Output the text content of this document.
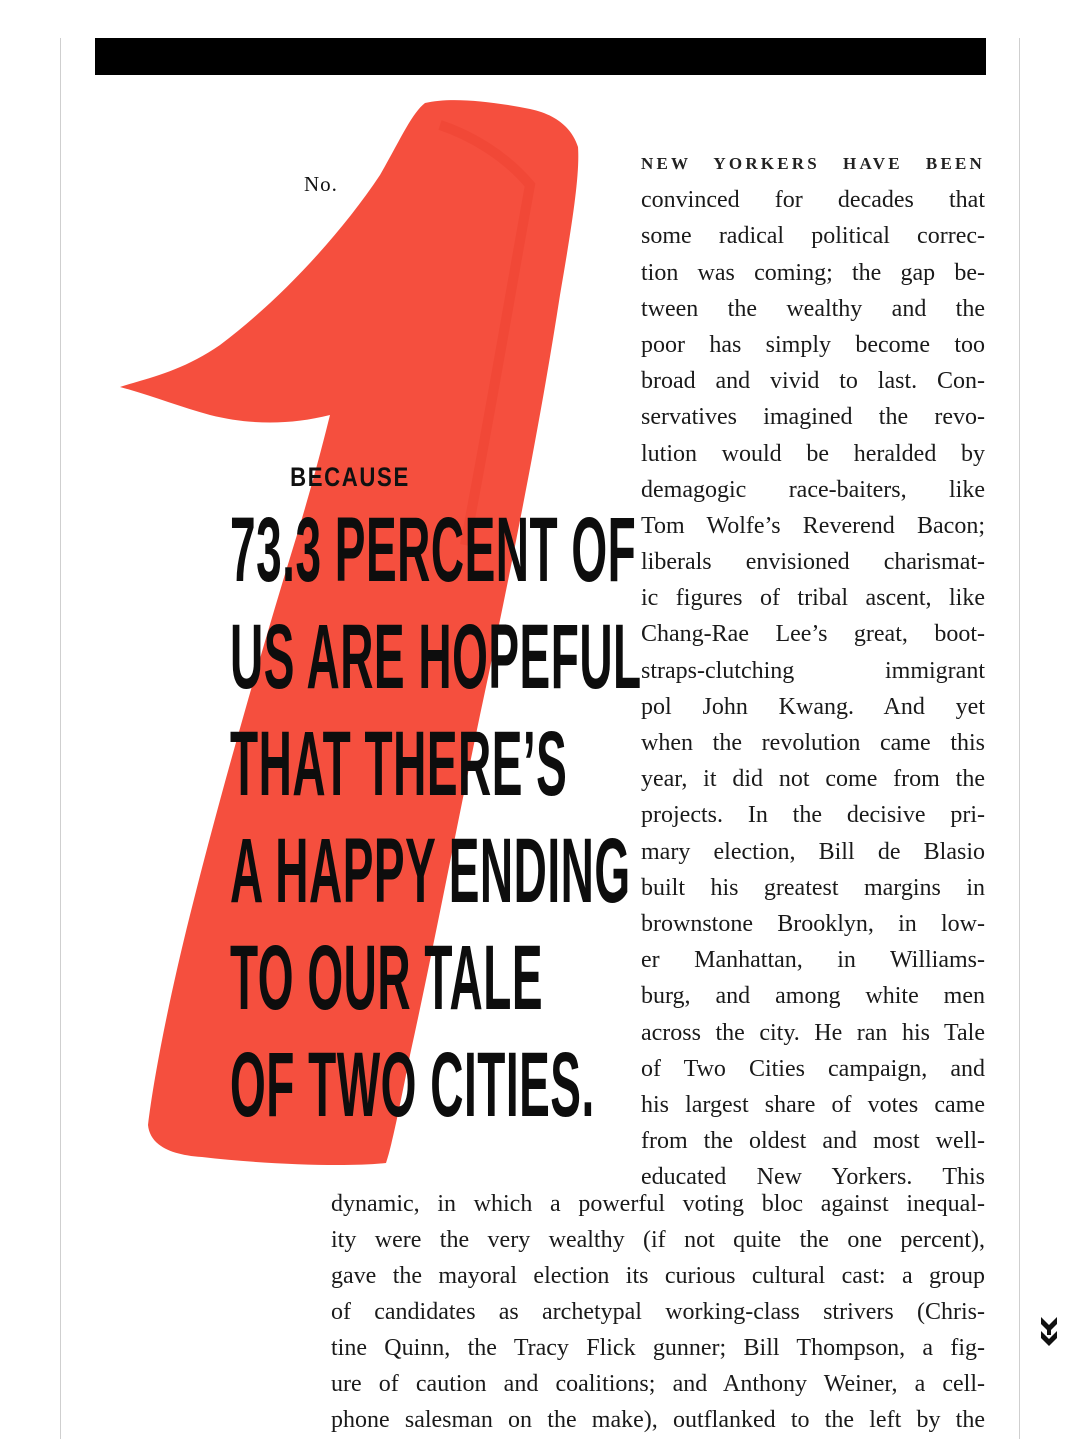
No.
BECAUSE
73.3 PERCENT OF
US ARE HOPEFUL
THAT THERE’S
A HAPPY ENDING
TO OUR TALE
OF TWO CITIES.
NEW YORKERS HAVE BEEN
convinced for decades that
some radical political correc-
tion was coming; the gap be-
tween the wealthy and the
poor has simply become too
broad and vivid to last. Con-
servatives imagined the revo-
lution would be heralded by
demagogic race-baiters, like
Tom Wolfe’s Reverend Bacon;
liberals envisioned charismat-
ic figures of tribal ascent, like
Chang-Rae Lee’s great, boot-
straps-clutching immigrant
pol John Kwang. And yet
when the revolution came this
year, it did not come from the
projects. In the decisive pri-
mary election, Bill de Blasio
built his greatest margins in
brownstone Brooklyn, in low-
er Manhattan, in Williams-
burg, and among white men
across the city. He ran his Tale
of Two Cities campaign, and
his largest share of votes came
from the oldest and most well-
educated New Yorkers. This
dynamic, in which a powerful voting bloc against inequal-
ity were the very wealthy (if not quite the one percent),
gave the mayoral election its curious cultural cast: a group
of candidates as archetypal working-class strivers (Chris-
tine Quinn, the Tracy Flick gunner; Bill Thompson, a fig-
ure of caution and coalitions; and Anthony Weiner, a cell-
phone salesman on the make), outflanked to the left by the
